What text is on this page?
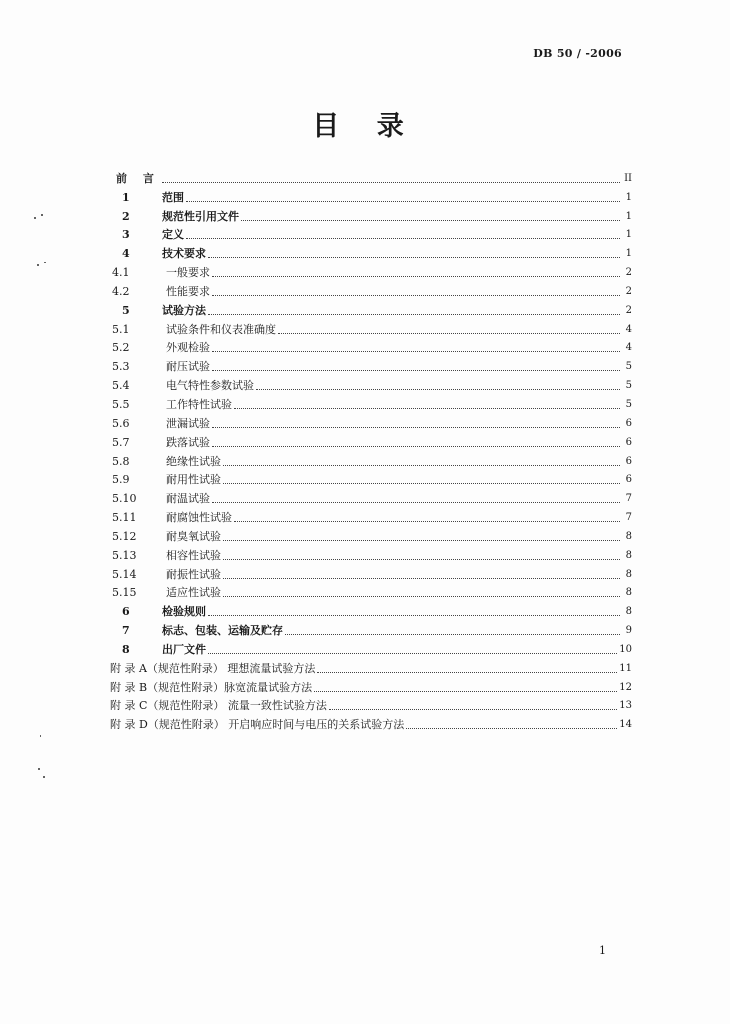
DB 50 / -2006
目 录
前 言	II
1	范围	1
2	规范性引用文件	1
3	定义	1
4	技术要求	1
4.1	一般要求	2
4.2	性能要求	2
5	试验方法	2
5.1	试验条件和仪表准确度	4
5.2	外观检验	4
5.3	耐压试验	5
5.4	电气特性参数试验	5
5.5	工作特性试验	5
5.6	泄漏试验	6
5.7	跌落试验	6
5.8	绝缘性试验	6
5.9	耐用性试验	6
5.10	耐温试验	7
5.11	耐腐蚀性试验	7
5.12	耐臭氧试验	8
5.13	相容性试验	8
5.14	耐振性试验	8
5.15	适应性试验	8
6	检验规则	8
7	标志、包装、运输及贮存	9
8	出厂文件	10
附 录 A（规范性附录） 理想流量试验方法	11
附 录 B（规范性附录）脉宽流量试验方法	12
附 录 C（规范性附录） 流量一致性试验方法	13
附 录 D（规范性附录） 开启响应时间与电压的关系试验方法	14
1
